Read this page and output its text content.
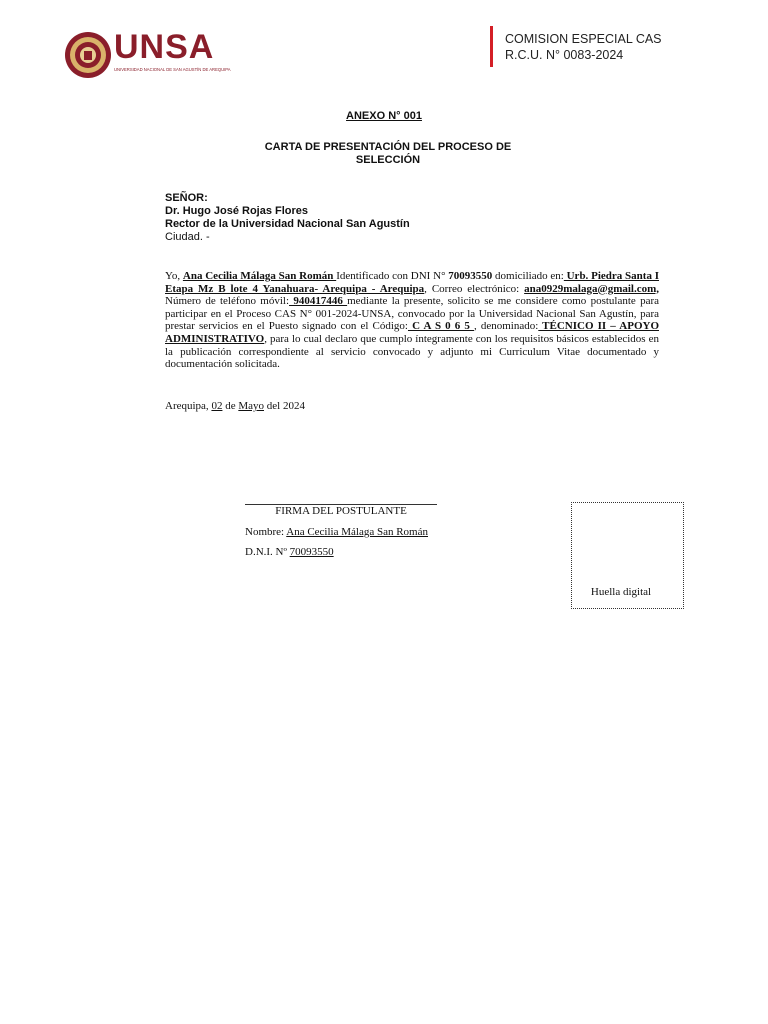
UNSA
UNIVERSIDAD NACIONAL DE SAN AGUSTÍN DE AREQUIPA
COMISION ESPECIAL CAS
R.C.U. N° 0083-2024
ANEXO N° 001
CARTA DE PRESENTACIÓN DEL PROCESO DE SELECCIÓN
SEÑOR:
Dr. Hugo José Rojas Flores
Rector de la Universidad Nacional San Agustín
Ciudad. -
Yo, Ana Cecilia Málaga San Román Identificado con DNI N° 70093550 domiciliado en: Urb. Piedra Santa I Etapa Mz B lote 4 Yanahuara- Arequipa - Arequipa, Correo electrónico: ana0929malaga@gmail.com, Número de teléfono móvil: 940417446 mediante la presente, solicito se me considere como postulante para participar en el Proceso CAS N° 001-2024-UNSA, convocado por la Universidad Nacional San Agustín, para prestar servicios en el Puesto signado con el Código: C A S 0 6 5 , denominado: TÉCNICO II – APOYO ADMINISTRATIVO, para lo cual declaro que cumplo íntegramente con los requisitos básicos establecidos en la publicación correspondiente al servicio convocado y adjunto mi Curriculum Vitae documentado y documentación solicitada.
Arequipa, 02 de Mayo del 2024
FIRMA DEL POSTULANTE
Nombre: Ana Cecilia Málaga San Román
D.N.I. Nº 70093550
Huella digital
